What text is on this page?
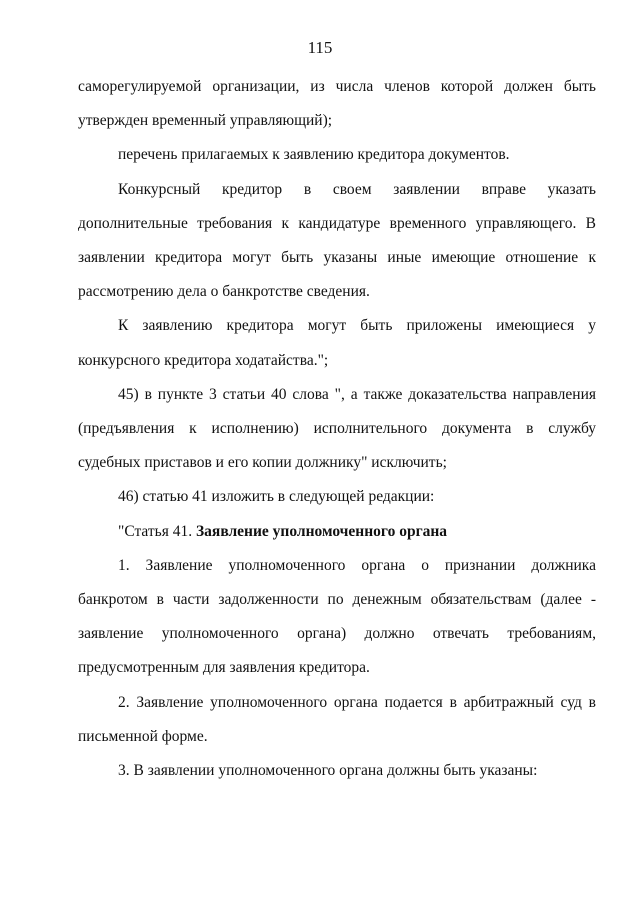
115

саморегулируемой организации, из числа членов которой должен быть утвержден временный управляющий);

перечень прилагаемых к заявлению кредитора документов.

Конкурсный кредитор в своем заявлении вправе указать дополнительные требования к кандидатуре временного управляющего. В заявлении кредитора могут быть указаны иные имеющие отношение к рассмотрению дела о банкротстве сведения.

К заявлению кредитора могут быть приложены имеющиеся у конкурсного кредитора ходатайства.";

45) в пункте 3 статьи 40 слова ", а также доказательства направления (предъявления к исполнению) исполнительного документа в службу судебных приставов и его копии должнику" исключить;

46) статью 41 изложить в следующей редакции:

"Статья 41. Заявление уполномоченного органа

1. Заявление уполномоченного органа о признании должника банкротом в части задолженности по денежным обязательствам (далее - заявление уполномоченного органа) должно отвечать требованиям, предусмотренным для заявления кредитора.

2. Заявление уполномоченного органа подается в арбитражный суд в письменной форме.

3. В заявлении уполномоченного органа должны быть указаны:
